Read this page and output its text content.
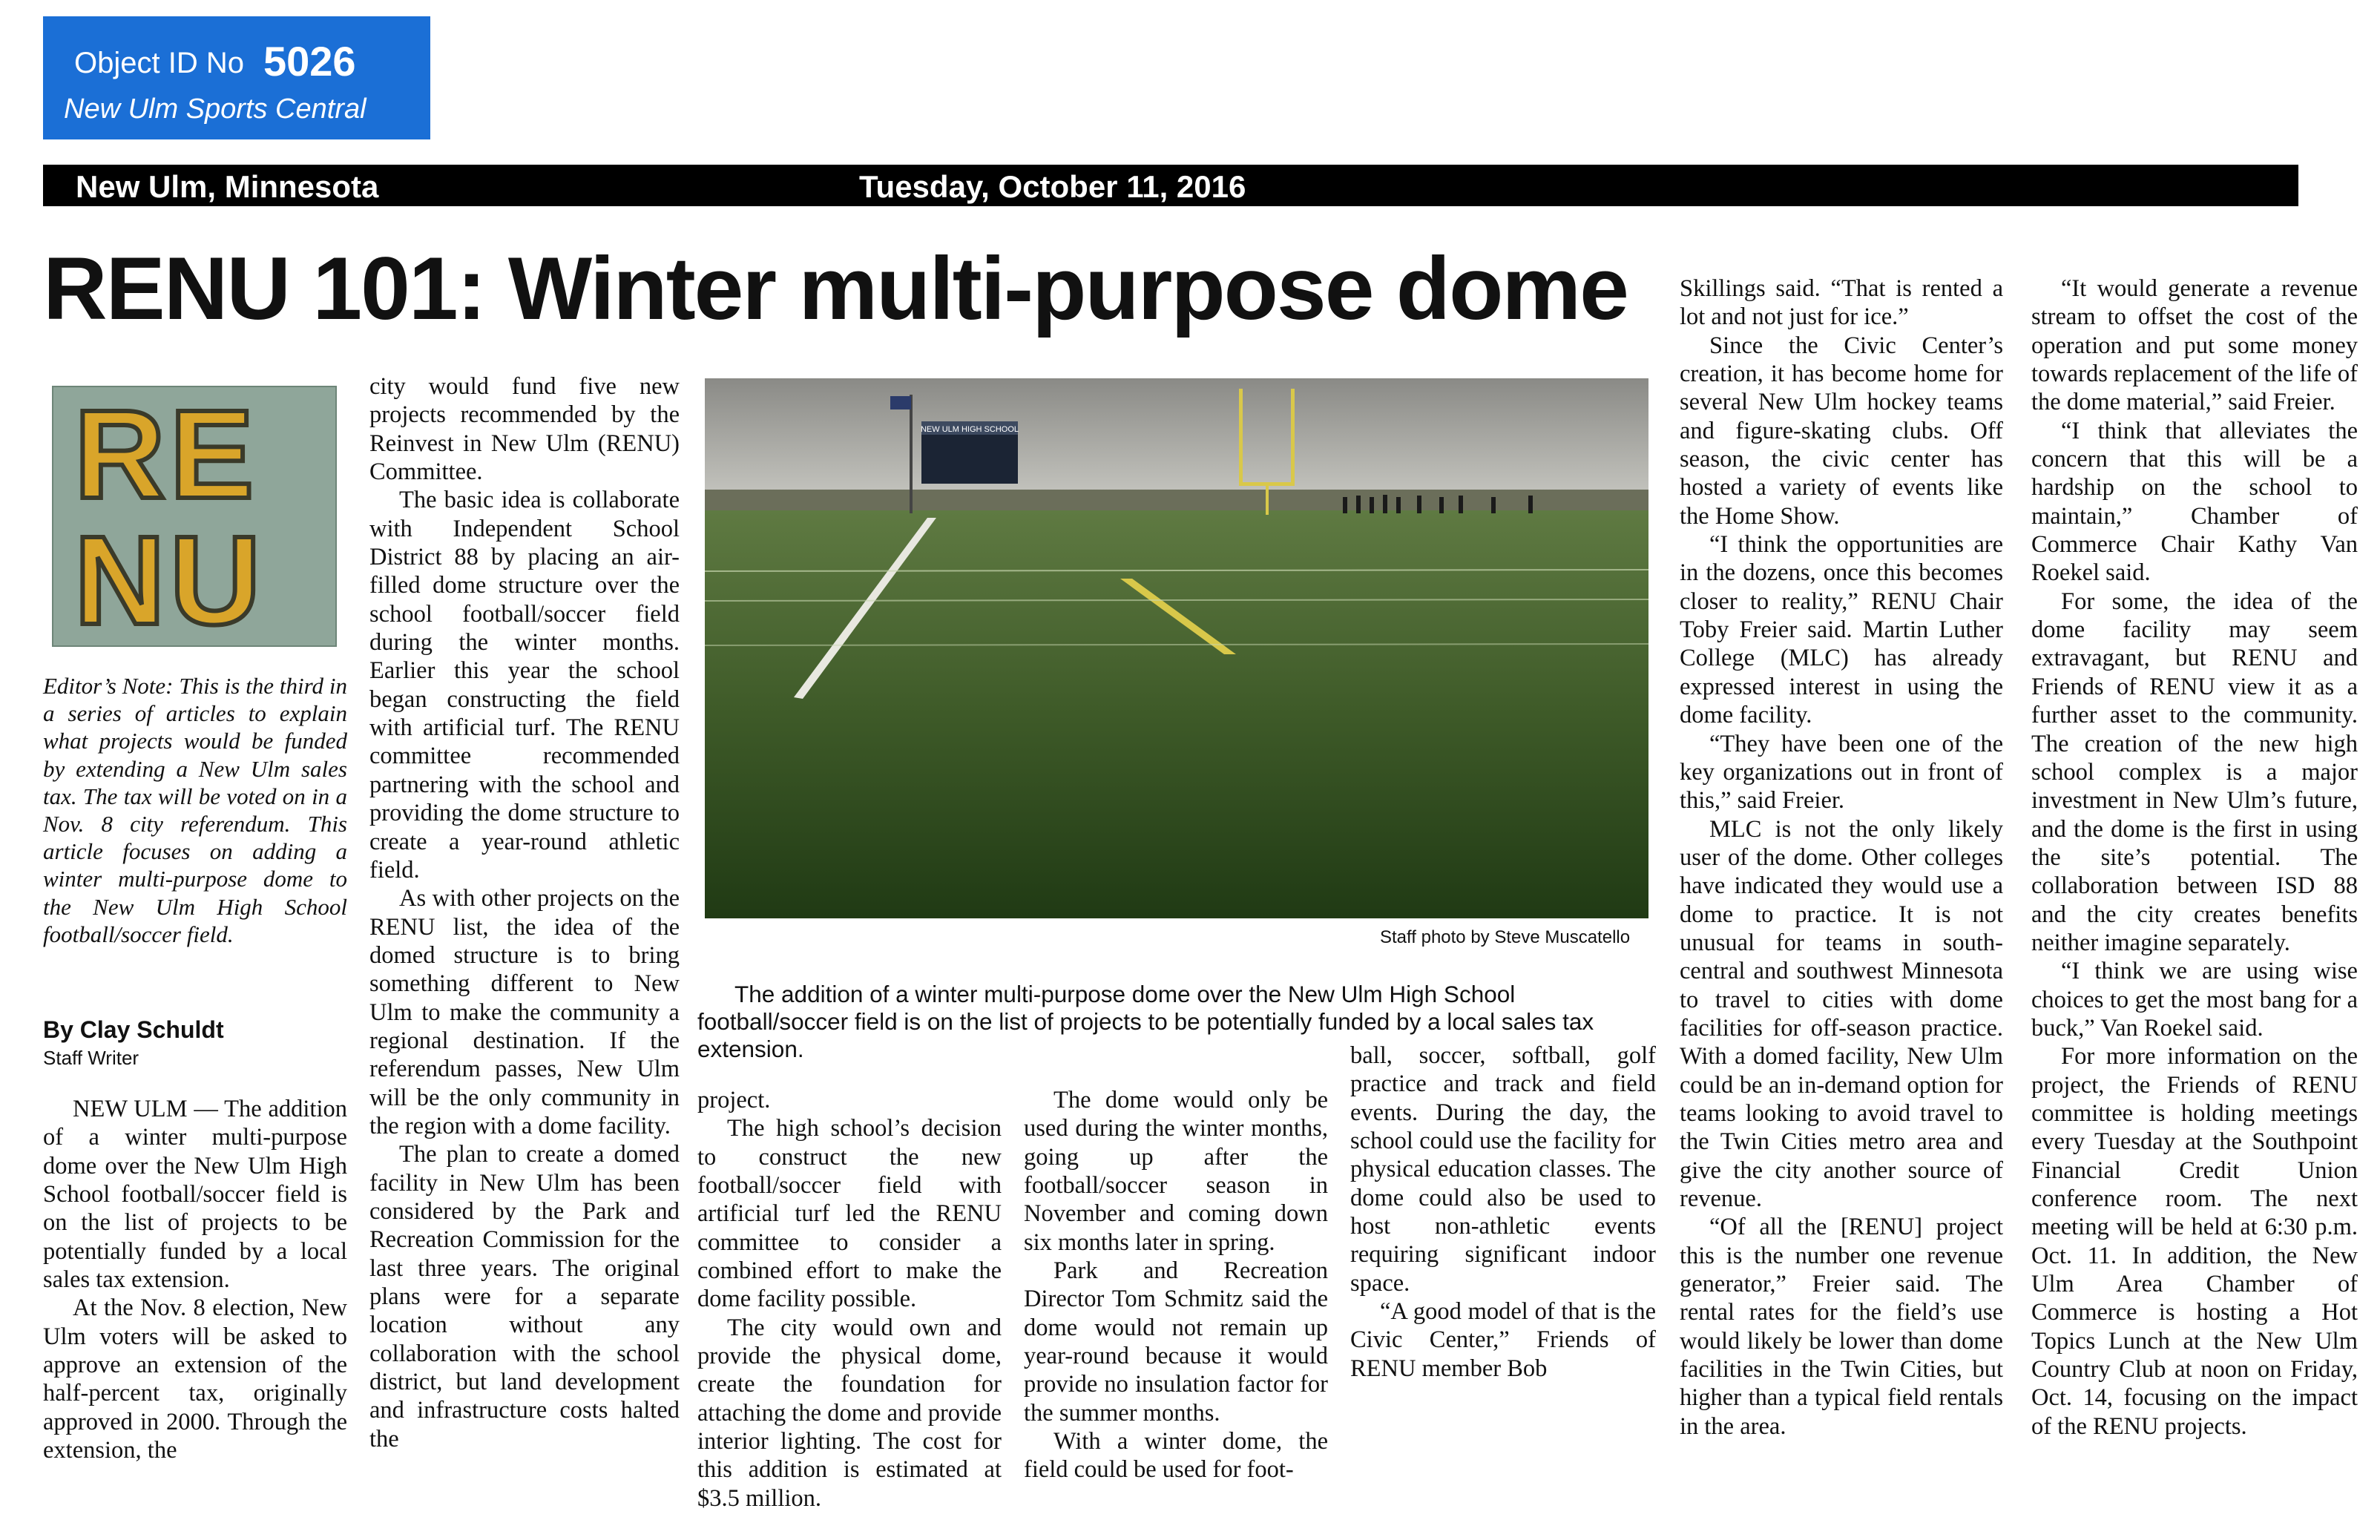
Object ID No 5026
New Ulm Sports Central
New Ulm, Minnesota	Tuesday, October 11, 2016
RENU 101: Winter multi-purpose dome
RE
NU
Editor’s Note: This is the third in a series of articles to explain what projects would be funded by extending a New Ulm sales tax. The tax will be voted on in a Nov. 8 city referendum. This article focuses on adding a winter multi-purpose dome to the New Ulm High School football/soccer field.
By Clay Schuldt
Staff Writer

NEW ULM — The addition of a winter multi-purpose dome over the New Ulm High School football/soccer field is on the list of projects to be potentially funded by a local sales tax extension.

At the Nov. 8 election, New Ulm voters will be asked to approve an extension of the half-percent tax, originally approved in 2000. Through the extension, the

city would fund five new projects recommended by the Reinvest in New Ulm (RENU) Committee.

The basic idea is collaborate with Independent School District 88 by placing an air-filled dome structure over the school football/soccer field during the winter months. Earlier this year the school began constructing the field with artificial turf. The RENU committee recommended partnering with the school and providing the dome structure to create a year-round athletic field.

As with other projects on the RENU list, the idea of the domed structure is to bring something different to New Ulm to make the community a regional destination. If the referendum passes, New Ulm will be the only community in the region with a dome facility.

The plan to create a domed facility in New Ulm has been considered by the Park and Recreation Commission for the last three years. The original plans were for a separate location without any collaboration with the school district, but land development and infrastructure costs halted the

NEW ULM HIGH SCHOOL
Staff photo by Steve Muscatello
The addition of a winter multi-purpose dome over the New Ulm High School football/soccer field is on the list of projects to be potentially funded by a local sales tax extension.

project.

The high school’s decision to construct the new football/soccer field with artificial turf led the RENU committee to consider a combined effort to make the dome facility possible.

The city would own and provide the physical dome, create the foundation for attaching the dome and provide interior lighting. The cost for this addition is estimated at $3.5 million.

The dome would only be used during the winter months, going up after the football/soccer season in November and coming down six months later in spring.

Park and Recreation Director Tom Schmitz said the dome would not remain up year-round because it would provide no insulation factor for the summer months.

With a winter dome, the field could be used for foot-

ball, soccer, softball, golf practice and track and field events. During the day, the school could use the facility for physical education classes. The dome could also be used to host non-athletic events requiring significant indoor space.

“A good model of that is the Civic Center,” Friends of RENU member Bob

Skillings said. “That is rented a lot and not just for ice.”

Since the Civic Center’s creation, it has become home for several New Ulm hockey teams and figure-skating clubs. Off season, the civic center has hosted a variety of events like the Home Show.

“I think the opportunities are in the dozens, once this becomes closer to reality,” RENU Chair Toby Freier said. Martin Luther College (MLC) has already expressed interest in using the dome facility.

“They have been one of the key organizations out in front of this,” said Freier.

MLC is not the only likely user of the dome. Other colleges have indicated they would use a dome to practice. It is not unusual for teams in south-central and southwest Minnesota to travel to cities with dome facilities for off-season practice. With a domed facility, New Ulm could be an in-demand option for teams looking to avoid travel to the Twin Cities metro area and give the city another source of revenue.

“Of all the [RENU] project this is the number one revenue generator,” Freier said. The rental rates for the field’s use would likely be lower than dome facilities in the Twin Cities, but higher than a typical field rentals in the area.

“It would generate a revenue stream to offset the cost of the operation and put some money towards replacement of the life of the dome material,” said Freier.

“I think that alleviates the concern that this will be a hardship on the school to maintain,” Chamber of Commerce Chair Kathy Van Roekel said.

For some, the idea of the dome facility may seem extravagant, but RENU and Friends of RENU view it as a further asset to the community. The creation of the new high school complex is a major investment in New Ulm’s future, and the dome is the first in using the site’s potential. The collaboration between ISD 88 and the city creates benefits neither imagine separately.

“I think we are using wise choices to get the most bang for a buck,” Van Roekel said.

For more information on the project, the Friends of RENU committee is holding meetings every Tuesday at the Southpoint Financial Credit Union conference room. The next meeting will be held at 6:30 p.m. Oct. 11. In addition, the New Ulm Area Chamber of Commerce is hosting a Hot Topics Lunch at the New Ulm Country Club at noon on Friday, Oct. 14, focusing on the impact of the RENU projects.
